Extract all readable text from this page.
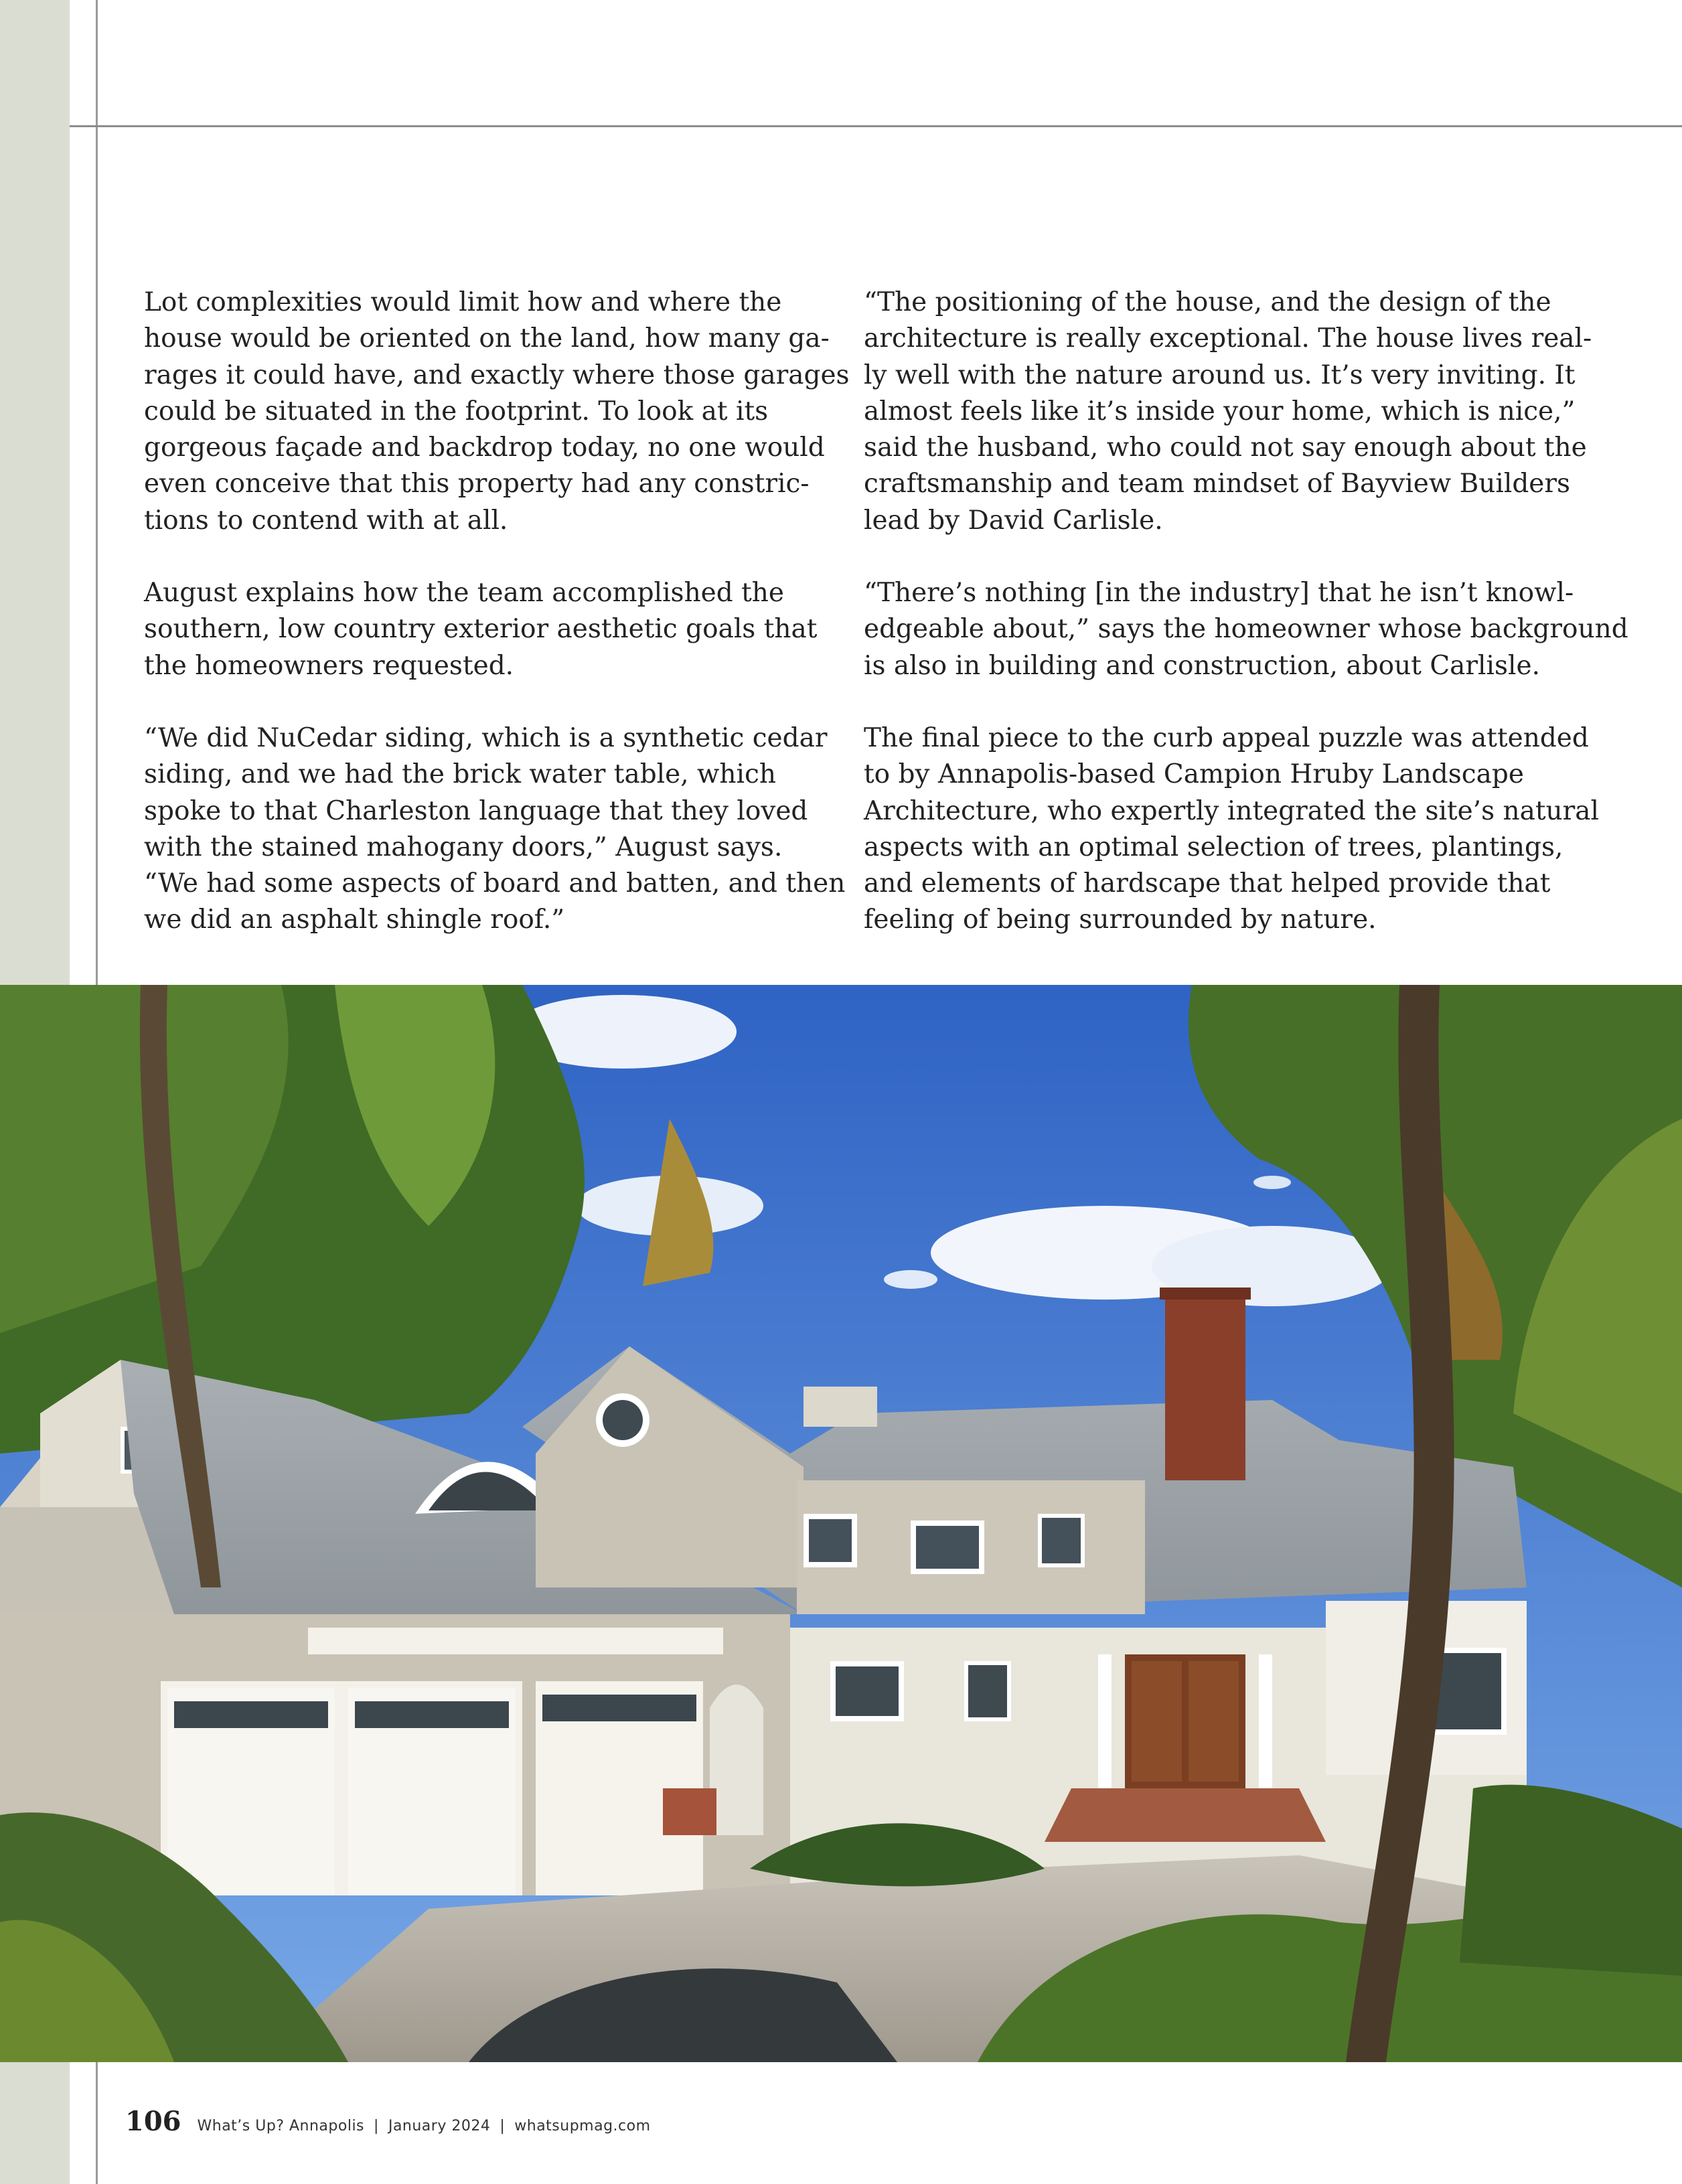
Lot complexities would limit how and where the
house would be oriented on the land, how many ga-
rages it could have, and exactly where those garages
could be situated in the footprint. To look at its
gorgeous façade and backdrop today, no one would
even conceive that this property had any constric-
tions to contend with at all.

August explains how the team accomplished the
southern, low country exterior aesthetic goals that
the homeowners requested.

“We did NuCedar siding, which is a synthetic cedar
siding, and we had the brick water table, which
spoke to that Charleston language that they loved
with the stained mahogany doors,” August says.
“We had some aspects of board and batten, and then
we did an asphalt shingle roof.”

“The positioning of the house, and the design of the
architecture is really exceptional. The house lives real-
ly well with the nature around us. It’s very inviting. It
almost feels like it’s inside your home, which is nice,”
said the husband, who could not say enough about the
craftsmanship and team mindset of Bayview Builders
lead by David Carlisle.

“There’s nothing [in the industry] that he isn’t knowl-
edgeable about,” says the homeowner whose background
is also in building and construction, about Carlisle.

The final piece to the curb appeal puzzle was attended
to by Annapolis-based Campion Hruby Landscape
Architecture, who expertly integrated the site’s natural
aspects with an optimal selection of trees, plantings,
and elements of hardscape that helped provide that
feeling of being surrounded by nature.

106 What’s Up? Annapolis | January 2024 | whatsupmag.com
